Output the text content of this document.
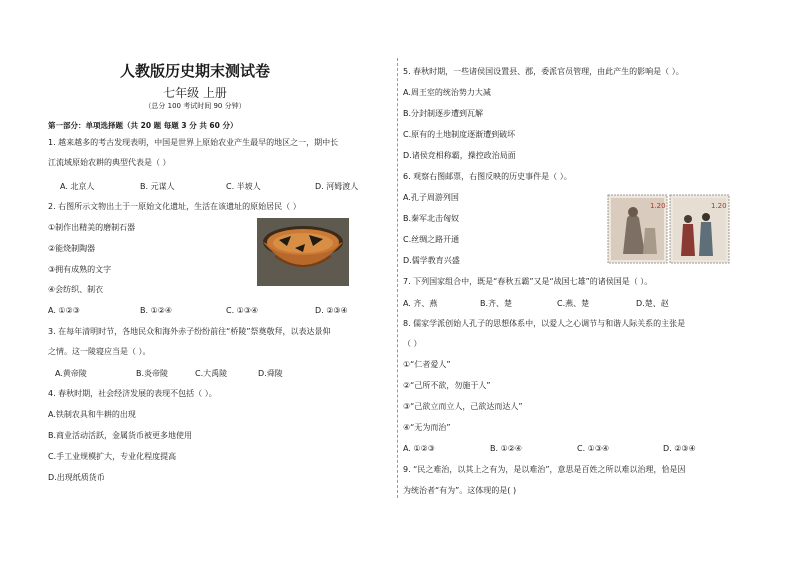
人教版历史期末测试卷
七年级 上册
（总分 100 考试时间 90 分钟）
第一部分：单项选择题（共 20 题 每题 3 分 共 60 分）
1. 越来越多的考古发现表明，中国是世界上原始农业产生最早的地区之一，期中长
江流域原始农耕的典型代表是（ ）
A. 北京人	B. 元谋人	C. 半坡人	D. 河姆渡人
2. 右图所示文物出土于一原始文化遗址，生活在该遗址的原始居民（ ）
①制作出精美的磨制石器
②能烧制陶器
③拥有成熟的文字
④会纺织、制衣
A. ①②③	B. ①②④	C. ①③④	D. ②③④
3. 在每年清明时节，各地民众和海外赤子纷纷前往“桥陵”祭奠敬拜，以表达景仰
之情。这一陵寝应当是（ ）。
A.黄帝陵	B.炎帝陵	C.大禹陵	D.舜陵
4. 春秋时期，社会经济发展的表现不包括（ ）。
A.铁制农具和牛耕的出现
B.商业活动活跃，金属货币被更多地使用
C.手工业规模扩大，专业化程度提高
D.出现纸质货币
5. 春秋时期，一些诸侯国设置县、郡，委派官员管理，由此产生的影响是（ ）。
A.周王室的统治势力大减
B.分封制逐步遭到瓦解
C.原有的土地制度逐渐遭到破坏
D.诸侯竞相称霸，操控政治局面
6. 观察右图邮票，右图反映的历史事件是（ ）。
A.孔子周游列国
B.秦军北击匈奴
C.丝绸之路开通
D.儒学教育兴盛
1.20	1.20
7. 下列国家组合中，既是“春秋五霸”又是“战国七雄”的诸侯国是（ ）。
A. 齐、燕	B.齐、楚	C.燕、楚	D.楚、赵
8. 儒家学派创始人孔子的思想体系中，以爱人之心调节与和谐人际关系的主张是
（ ）
①“仁者爱人”
②“己所不欲，勿施于人”
③“己欲立而立人，己欲达而达人”
④“无为而治”
A. ①②③	B. ①②④	C. ①③④	D. ②③④
9. “民之难治，以其上之有为，是以难治”，意思是百姓之所以难以治理，恰是因
为统治者“有为”。这体现的是( )
